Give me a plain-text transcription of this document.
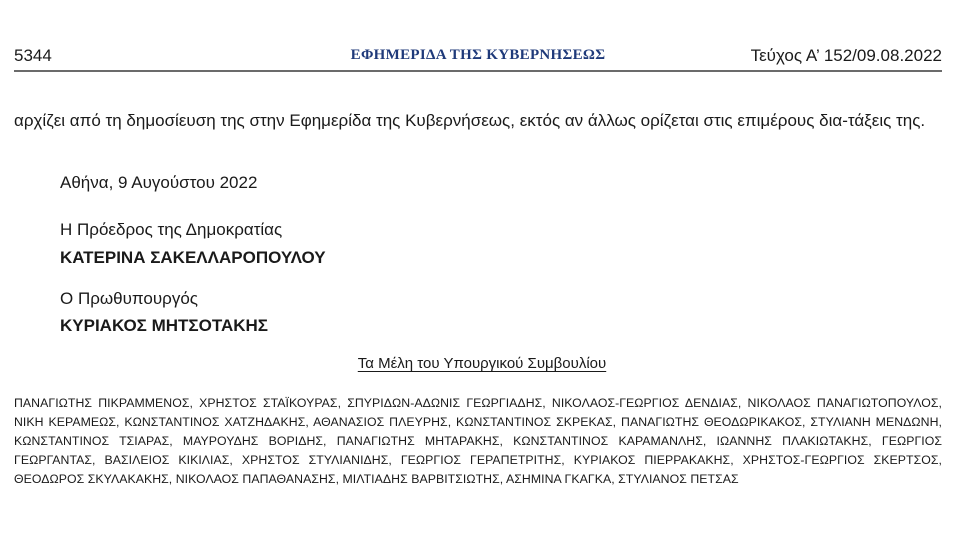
5344	ΕΦΗΜΕΡΙΔΑ ΤΗΣ ΚΥΒΕΡΝΗΣΕΩΣ	Τεύχος Α’ 152/09.08.2022
αρχίζει από τη δημοσίευση της στην Εφημερίδα της Κυβερνήσεως, εκτός αν άλλως ορίζεται στις επιμέρους δια-τάξεις της.
Αθήνα, 9 Αυγούστου 2022
Η Πρόεδρος της Δημοκρατίας
ΚΑΤΕΡΙΝΑ ΣΑΚΕΛΛΑΡΟΠΟΥΛΟΥ
Ο Πρωθυπουργός
ΚΥΡΙΑΚΟΣ ΜΗΤΣΟΤΑΚΗΣ
Τα Μέλη του Υπουργικού Συμβουλίου
ΠΑΝΑΓΙΩΤΗΣ ΠΙΚΡΑΜΜΕΝΟΣ, ΧΡΗΣΤΟΣ ΣΤΑΪΚΟΥΡΑΣ, ΣΠΥΡΙΔΩΝ-ΑΔΩΝΙΣ ΓΕΩΡΓΙΑΔΗΣ, ΝΙΚΟΛΑΟΣ-ΓΕΩΡΓΙΟΣ ΔΕΝΔΙΑΣ, ΝΙΚΟΛΑΟΣ ΠΑΝΑΓΙΩΤΟΠΟΥΛΟΣ, ΝΙΚΗ ΚΕΡΑΜΕΩΣ, ΚΩΝΣΤΑΝΤΙΝΟΣ ΧΑΤΖΗΔΑΚΗΣ, ΑΘΑΝΑΣΙΟΣ ΠΛΕΥΡΗΣ, ΚΩΝΣΤΑΝΤΙΝΟΣ ΣΚΡΕΚΑΣ, ΠΑΝΑΓΙΩΤΗΣ ΘΕΟΔΩΡΙΚΑΚΟΣ, ΣΤΥΛΙΑΝΗ ΜΕΝΔΩΝΗ, ΚΩΝΣΤΑΝΤΙΝΟΣ ΤΣΙΑΡΑΣ, ΜΑΥΡΟΥΔΗΣ ΒΟΡΙΔΗΣ, ΠΑΝΑΓΙΩΤΗΣ ΜΗΤΑΡΑΚΗΣ, ΚΩΝΣΤΑΝΤΙΝΟΣ ΚΑΡΑΜΑΝΛΗΣ, ΙΩΑΝΝΗΣ ΠΛΑΚΙΩΤΑΚΗΣ, ΓΕΩΡΓΙΟΣ ΓΕΩΡΓΑΝΤΑΣ, ΒΑΣΙΛΕΙΟΣ ΚΙΚΙΛΙΑΣ, ΧΡΗΣΤΟΣ ΣΤΥΛΙΑΝΙΔΗΣ, ΓΕΩΡΓΙΟΣ ΓΕΡΑΠΕΤΡΙΤΗΣ, ΚΥΡΙΑΚΟΣ ΠΙΕΡΡΑΚΑΚΗΣ, ΧΡΗΣΤΟΣ-ΓΕΩΡΓΙΟΣ ΣΚΕΡΤΣΟΣ, ΘΕΟΔΩΡΟΣ ΣΚΥΛΑΚΑΚΗΣ, ΝΙΚΟΛΑΟΣ ΠΑΠΑΘΑΝΑΣΗΣ, ΜΙΛΤΙΑΔΗΣ ΒΑΡΒΙΤΣΙΩΤΗΣ, ΑΣΗΜΙΝΑ ΓΚΑΓΚΑ, ΣΤΥΛΙΑΝΟΣ ΠΕΤΣΑΣ
